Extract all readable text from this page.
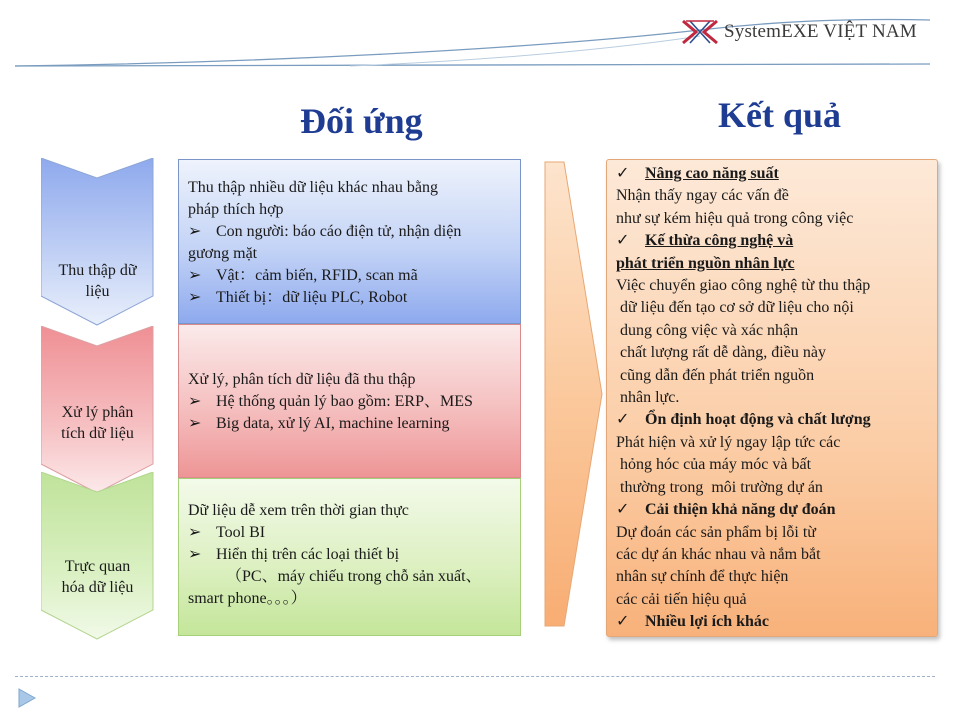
SystemEXE VIỆT NAM
Đối ứng	Kết quả
Thu thập dữ
liệu
Xử lý phân
tích dữ liệu
Trực quan
hóa dữ liệu

Thu thập nhiều dữ liệu khác nhau bằng

pháp thích hợp

➢ Con người: báo cáo điện tử, nhận diện

gương mặt

➢ Vật：cảm biến, RFID, scan mã
➢ Thiết bị：dữ liệu PLC, Robot

Xử lý, phân tích dữ liệu đã thu thập

➢ Hệ thống quản lý bao gồm: ERP、MES
➢ Big data, xử lý AI, machine learning

Dữ liệu dễ xem trên thời gian thực

➢ Tool BI
➢ Hiển thị trên các loại thiết bị

（PC、máy chiếu trong chỗ sản xuất、

smart phone。。。）

✓ Nâng cao năng suất

Nhận thấy ngay các vấn đề

như sự kém hiệu quả trong công việc

✓ Kế thừa công nghệ và

phát triển nguồn nhân lực

Việc chuyển giao công nghệ từ thu thập

dữ liệu đến tạo cơ sở dữ liệu cho nội

dung công việc và xác nhận

chất lượng rất dễ dàng, điều này

cũng dẫn đến phát triển nguồn

nhân lực.

✓ Ổn định hoạt động và chất lượng

Phát hiện và xử lý ngay lập tức các

hỏng hóc của máy móc và bất

thường trong  môi trường dự án

✓ Cải thiện khả năng dự đoán

Dự đoán các sản phẩm bị lỗi từ

các dự án khác nhau và nắm bắt

nhân sự chính để thực hiện

các cải tiến hiệu quả

✓ Nhiều lợi ích khác
